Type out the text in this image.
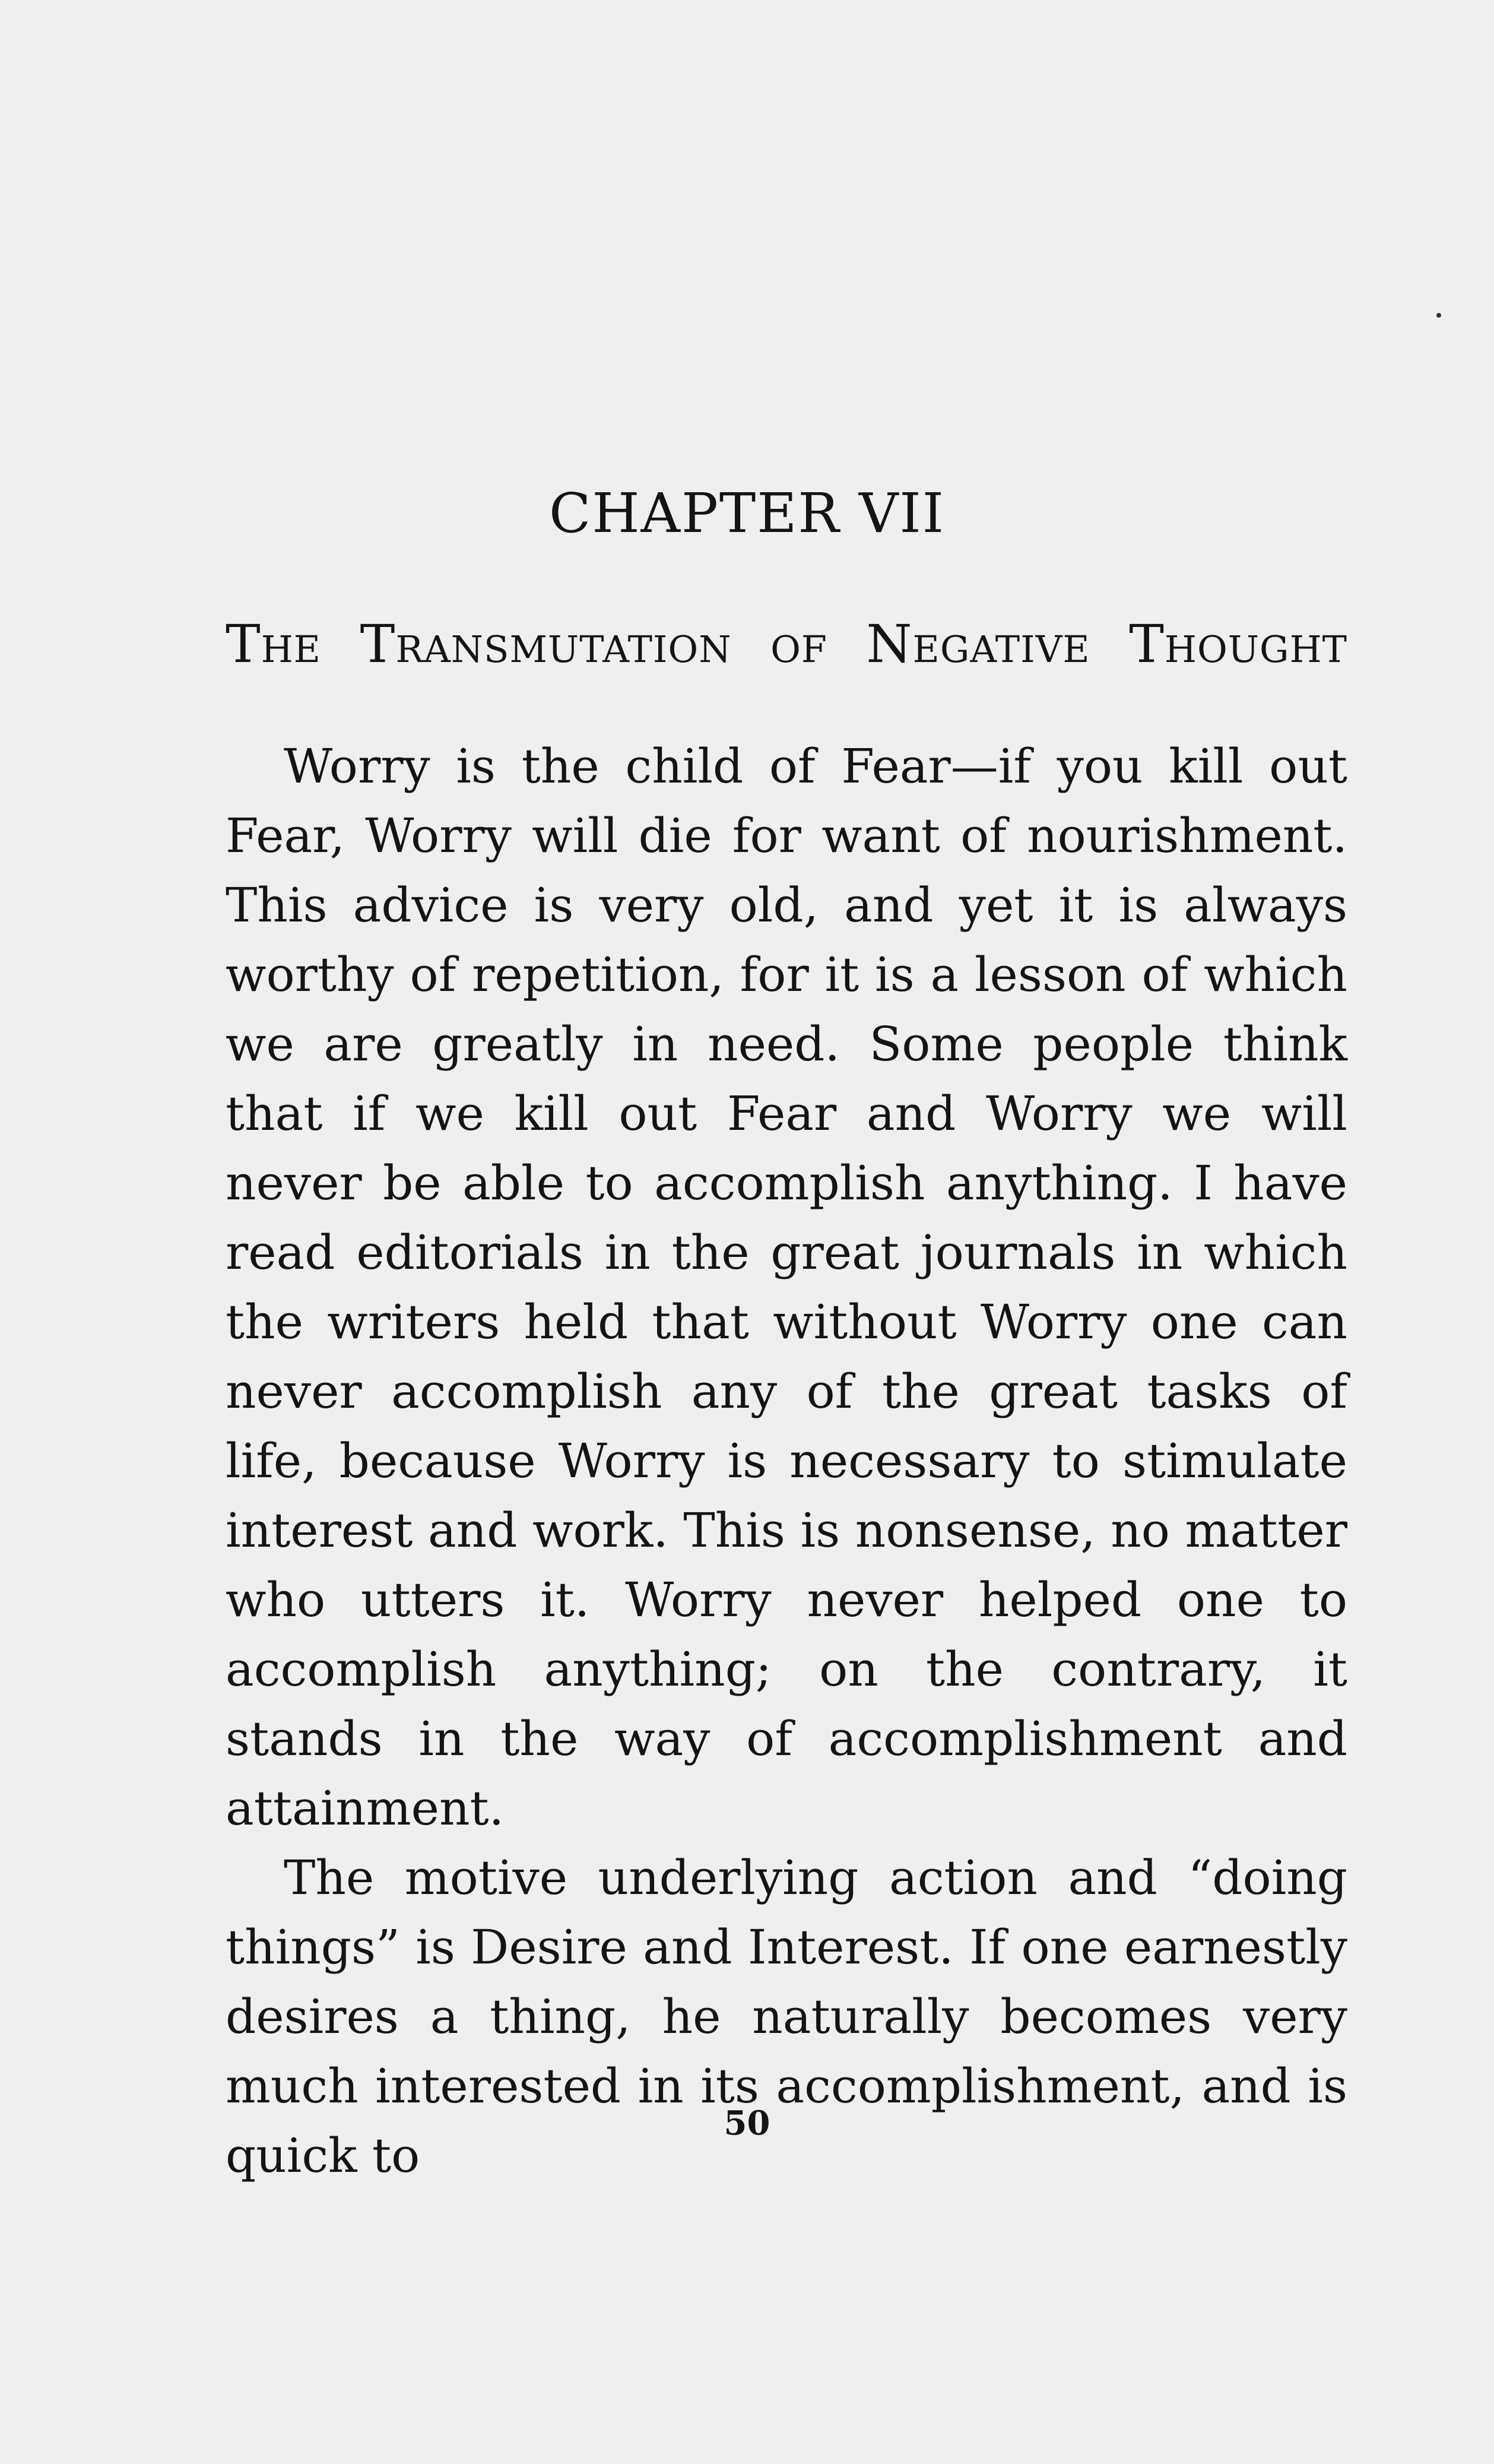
CHAPTER VII
The Transmutation of Negative Thought

Worry is the child of Fear—if you kill out Fear, Worry will die for want of nourishment. This advice is very old, and yet it is always worthy of repetition, for it is a lesson of which we are greatly in need. Some people think that if we kill out Fear and Worry we will never be able to accomplish anything. I have read editorials in the great journals in which the writers held that without Worry one can never accomplish any of the great tasks of life, because Worry is necessary to stimulate interest and work. This is nonsense, no matter who utters it. Worry never helped one to accomplish anything; on the contrary, it stands in the way of accomplishment and attainment.

The motive underlying action and “doing things” is Desire and Interest. If one earnestly desires a thing, he naturally becomes very much interested in its accomplishment, and is quick to

50
